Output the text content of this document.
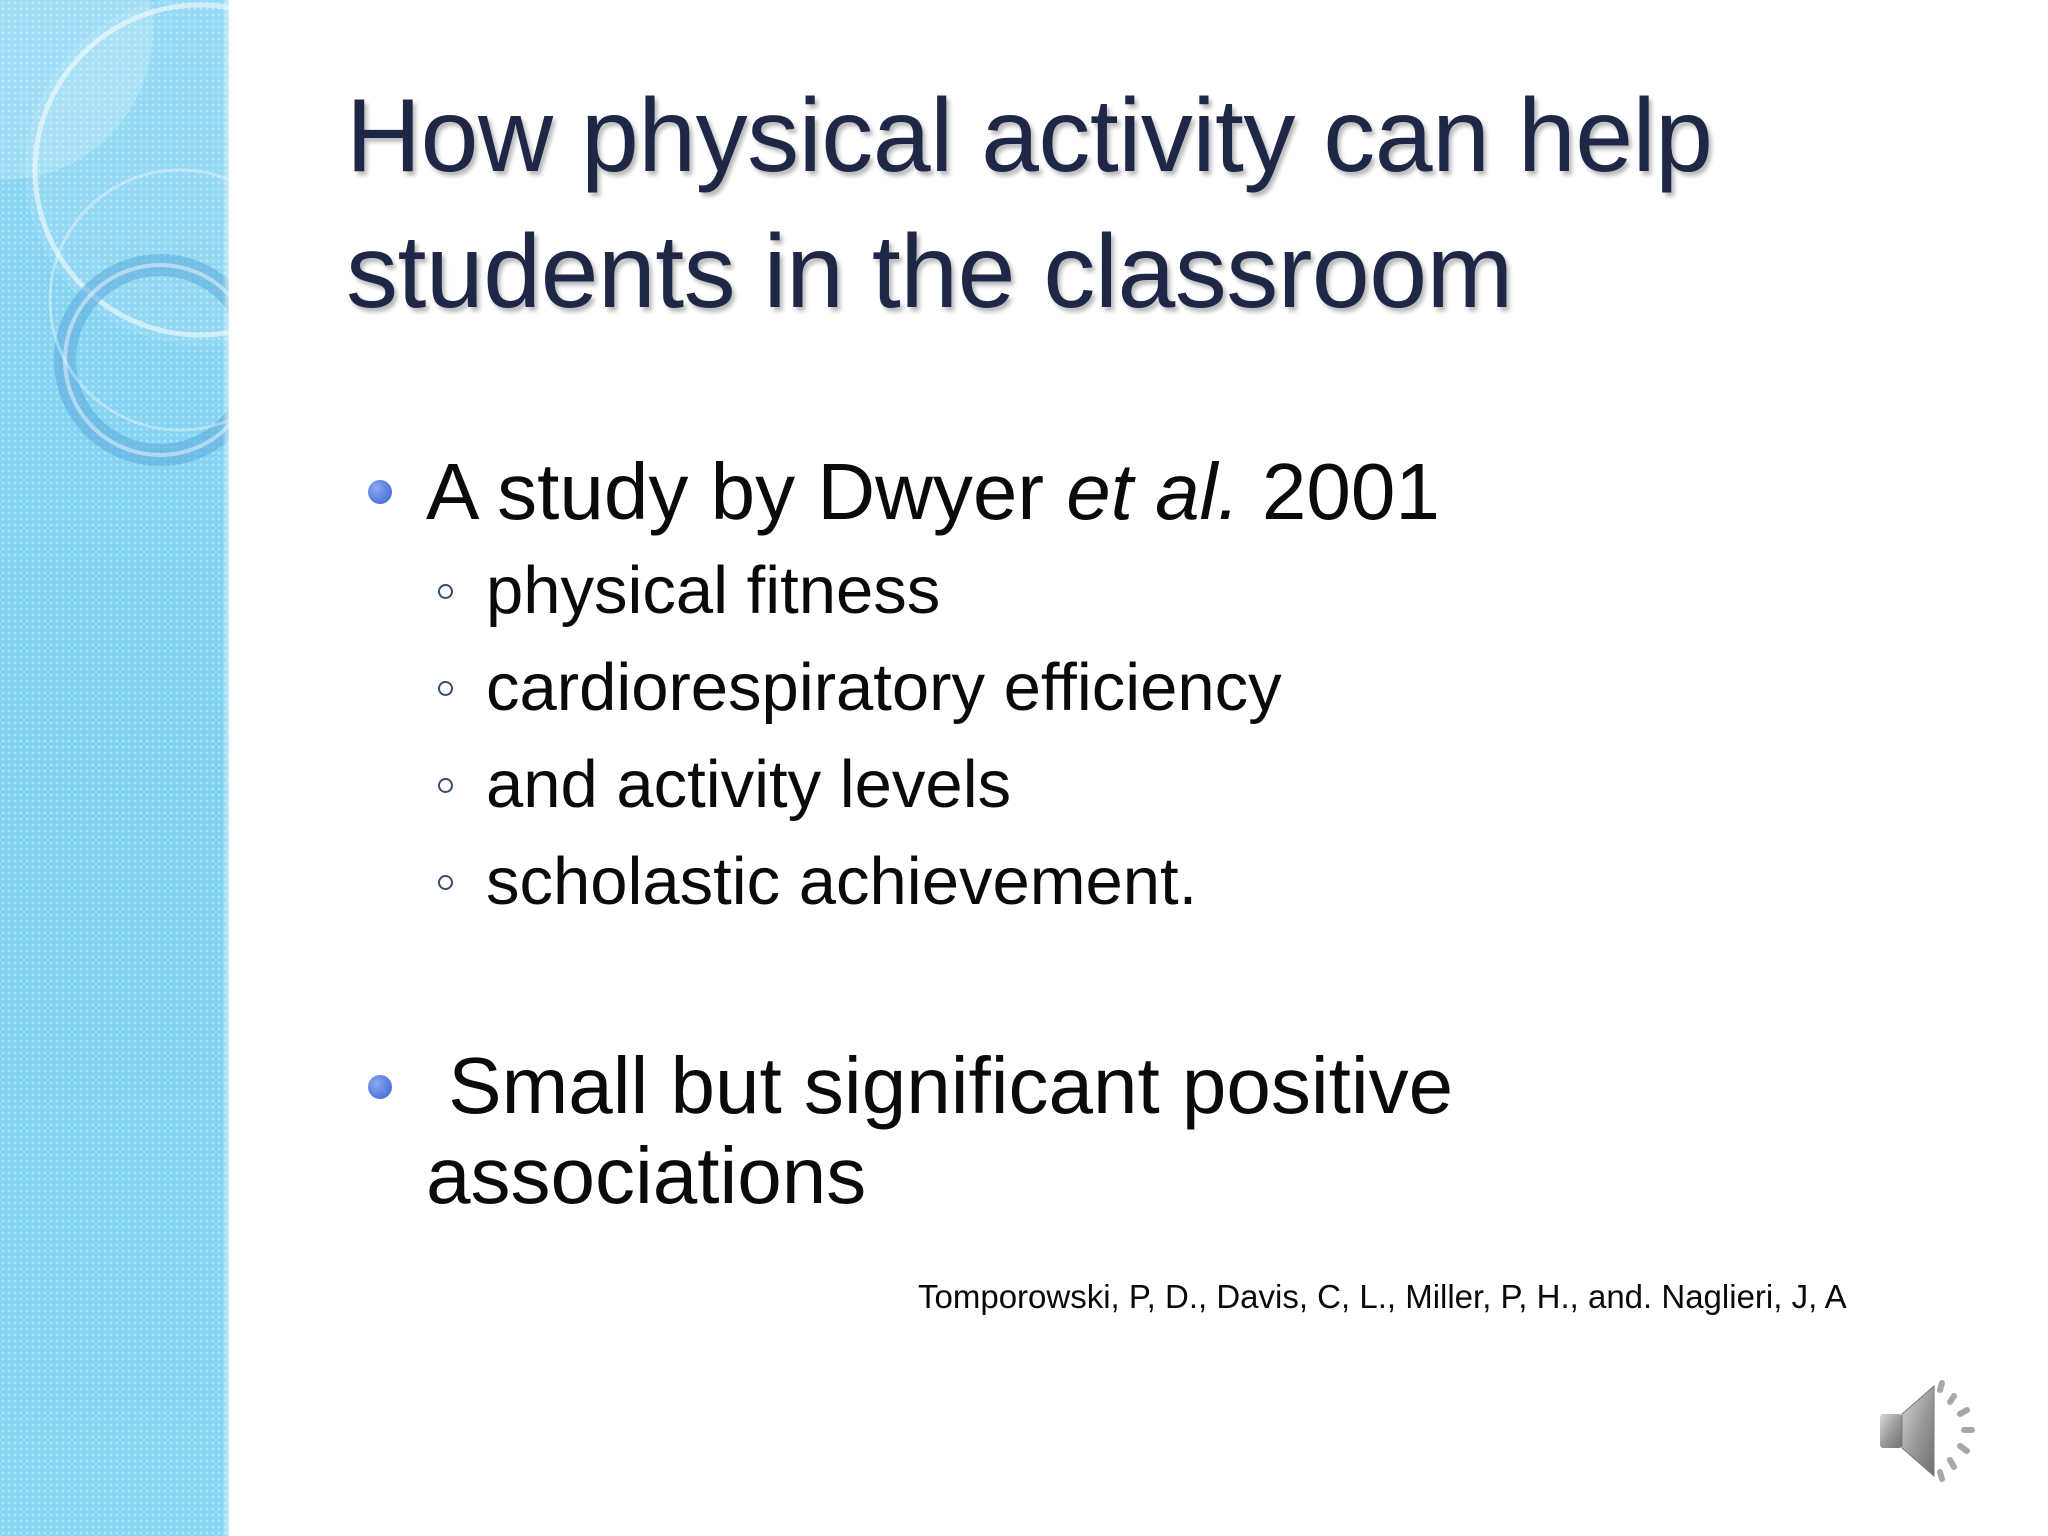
How physical activity can help
students in the classroom
A study by Dwyer et al. 2001
physical fitness
cardiorespiratory efficiency
and activity levels
scholastic achievement.
Small but significant positive
associations
Tomporowski, P, D., Davis, C, L., Miller, P, H., and. Naglieri, J, A
